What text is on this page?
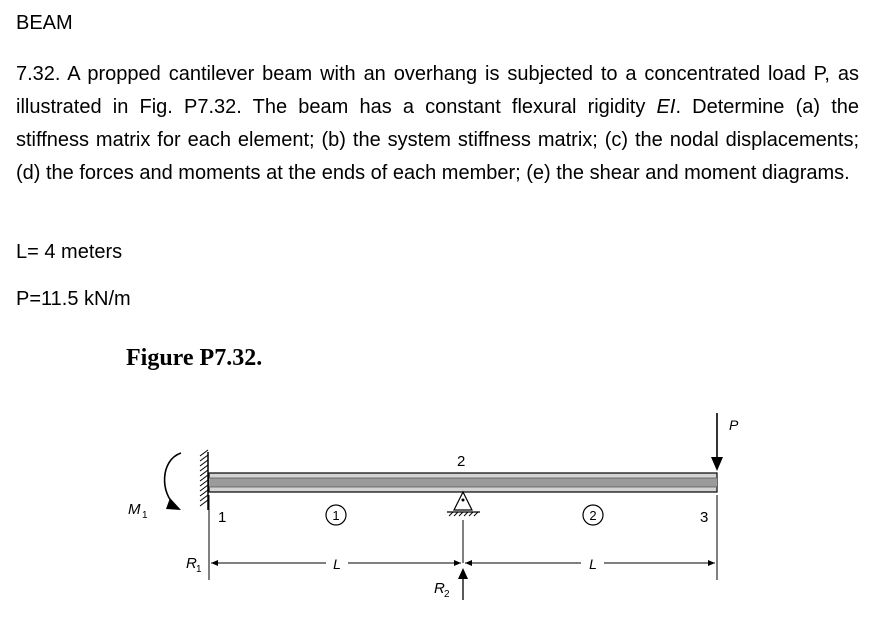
BEAM
7.32. A propped cantilever beam with an overhang is subjected to a concentrated load P, as illustrated in Fig. P7.32. The beam has a constant flexural rigidity EI. Determine (a) the stiffness matrix for each element; (b) the system stiffness matrix; (c) the nodal displacements; (d) the forces and moments at the ends of each member; (e) the shear and moment diagrams.
L= 4 meters
P=11.5 kN/m
Figure P7.32.
M 1	1
2
3
1	2
P
L	L
R 1
R 2
